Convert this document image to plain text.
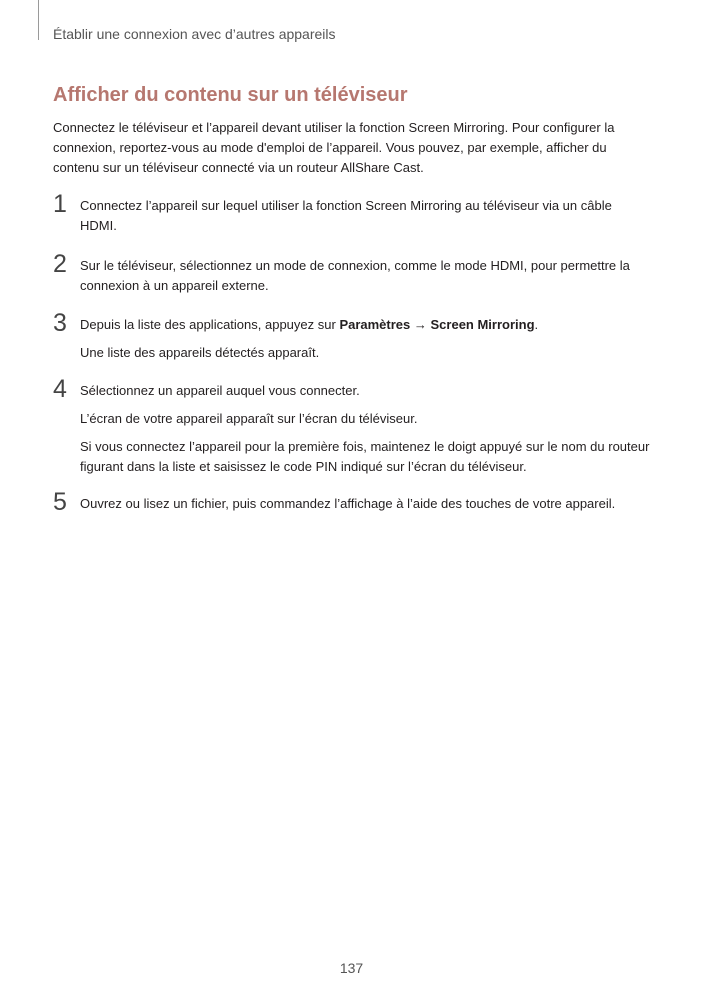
Établir une connexion avec d’autres appareils
Afficher du contenu sur un téléviseur
Connectez le téléviseur et l’appareil devant utiliser la fonction Screen Mirroring. Pour configurer la connexion, reportez-vous au mode d'emploi de l’appareil. Vous pouvez, par exemple, afficher du contenu sur un téléviseur connecté via un routeur AllShare Cast.
1	Connectez l’appareil sur lequel utiliser la fonction Screen Mirroring au téléviseur via un câble HDMI.

2	Sur le téléviseur, sélectionnez un mode de connexion, comme le mode HDMI, pour permettre la connexion à un appareil externe.

3	Depuis la liste des applications, appuyez sur Paramètres → Screen Mirroring.

Une liste des appareils détectés apparaît.

4	Sélectionnez un appareil auquel vous connecter.

L’écran de votre appareil apparaît sur l’écran du téléviseur.

Si vous connectez l’appareil pour la première fois, maintenez le doigt appuyé sur le nom du routeur figurant dans la liste et saisissez le code PIN indiqué sur l’écran du téléviseur.

5	Ouvrez ou lisez un fichier, puis commandez l’affichage à l’aide des touches de votre appareil.

137
